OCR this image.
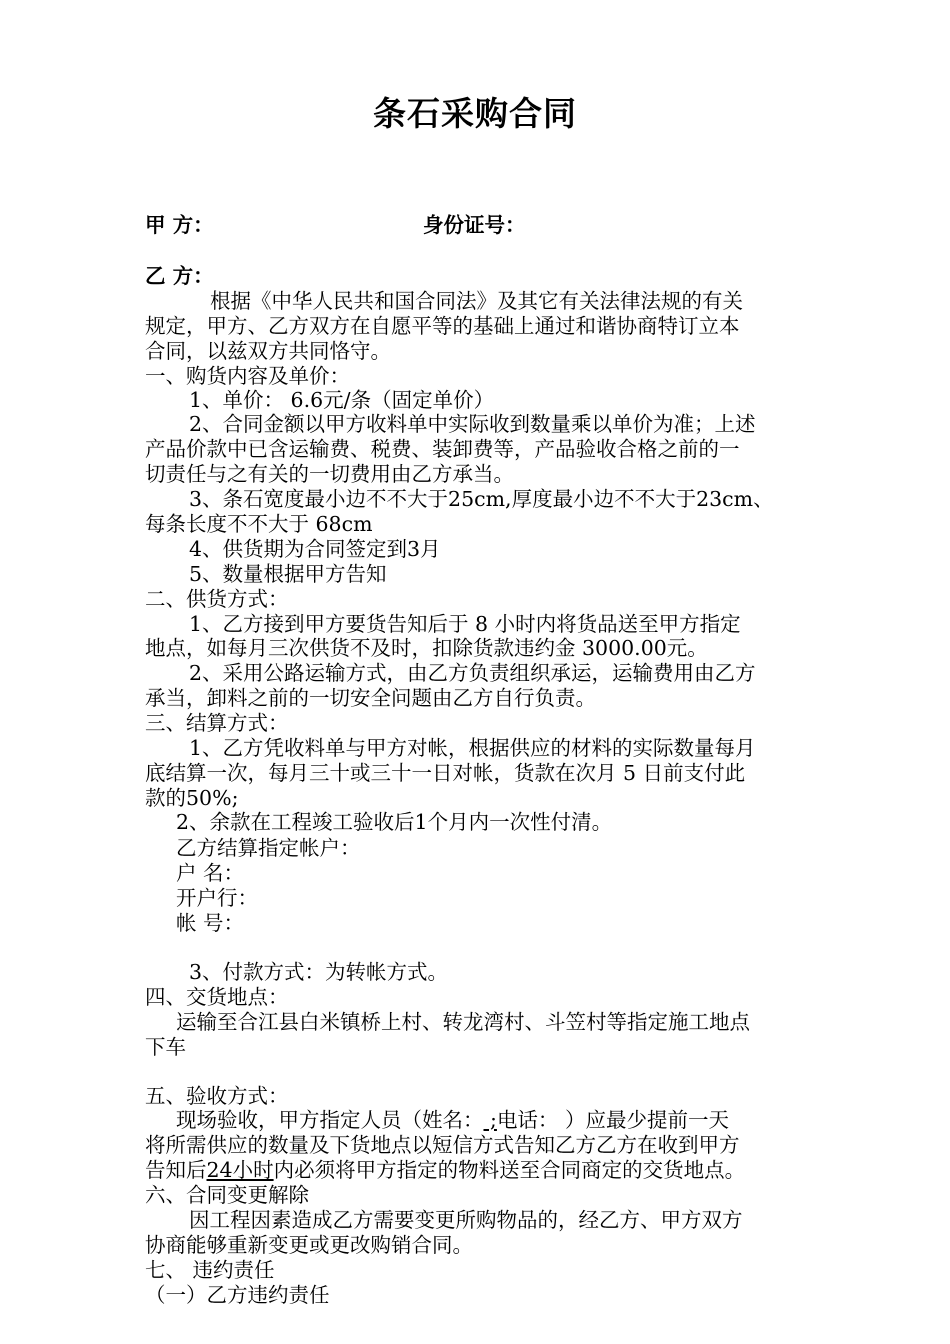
条石采购合同
甲 方：	身份证号：
乙 方：
根据《中华人民共和国合同法》及其它有关法律法规的有关
规定，甲方、乙方双方在自愿平等的基础上通过和谐协商特订立本
合同，以兹双方共同恪守。
一、购货内容及单价：
1、单价： 6.6元/条（固定单价）
2、合同金额以甲方收料单中实际收到数量乘以单价为准；上述
产品价款中已含运输费、税费、装卸费等，产品验收合格之前的一
切责任与之有关的一切费用由乙方承当。
3、条石宽度最小边不不大于25cm,厚度最小边不不大于23cm、
每条长度不不大于 68cm
4、供货期为合同签定到3月
5、数量根据甲方告知
二、供货方式：
1、乙方接到甲方要货告知后于 8 小时内将货品送至甲方指定
地点，如每月三次供货不及时，扣除货款违约金 3000.00元。
2、采用公路运输方式，由乙方负责组织承运，运输费用由乙方
承当，卸料之前的一切安全问题由乙方自行负责。
三、结算方式：
1、乙方凭收料单与甲方对帐，根据供应的材料的实际数量每月
底结算一次，每月三十或三十一日对帐，货款在次月 5 日前支付此
款的50%;
2、余款在工程竣工验收后1个月内一次性付清。
乙方结算指定帐户：
户 名：
开户行：
帐 号：
3、付款方式：为转帐方式。
四、交货地点：
运输至合江县白米镇桥上村、转龙湾村、斗笠村等指定施工地点
下车
五、验收方式：
现场验收，甲方指定人员（姓名： ;电话： ）应最少提前一天
将所需供应的数量及下货地点以短信方式告知乙方乙方在收到甲方
告知后24小时内必须将甲方指定的物料送至合同商定的交货地点。
六、合同变更解除
因工程因素造成乙方需要变更所购物品的，经乙方、甲方双方
协商能够重新变更或更改购销合同。
七、 违约责任
（一）乙方违约责任
